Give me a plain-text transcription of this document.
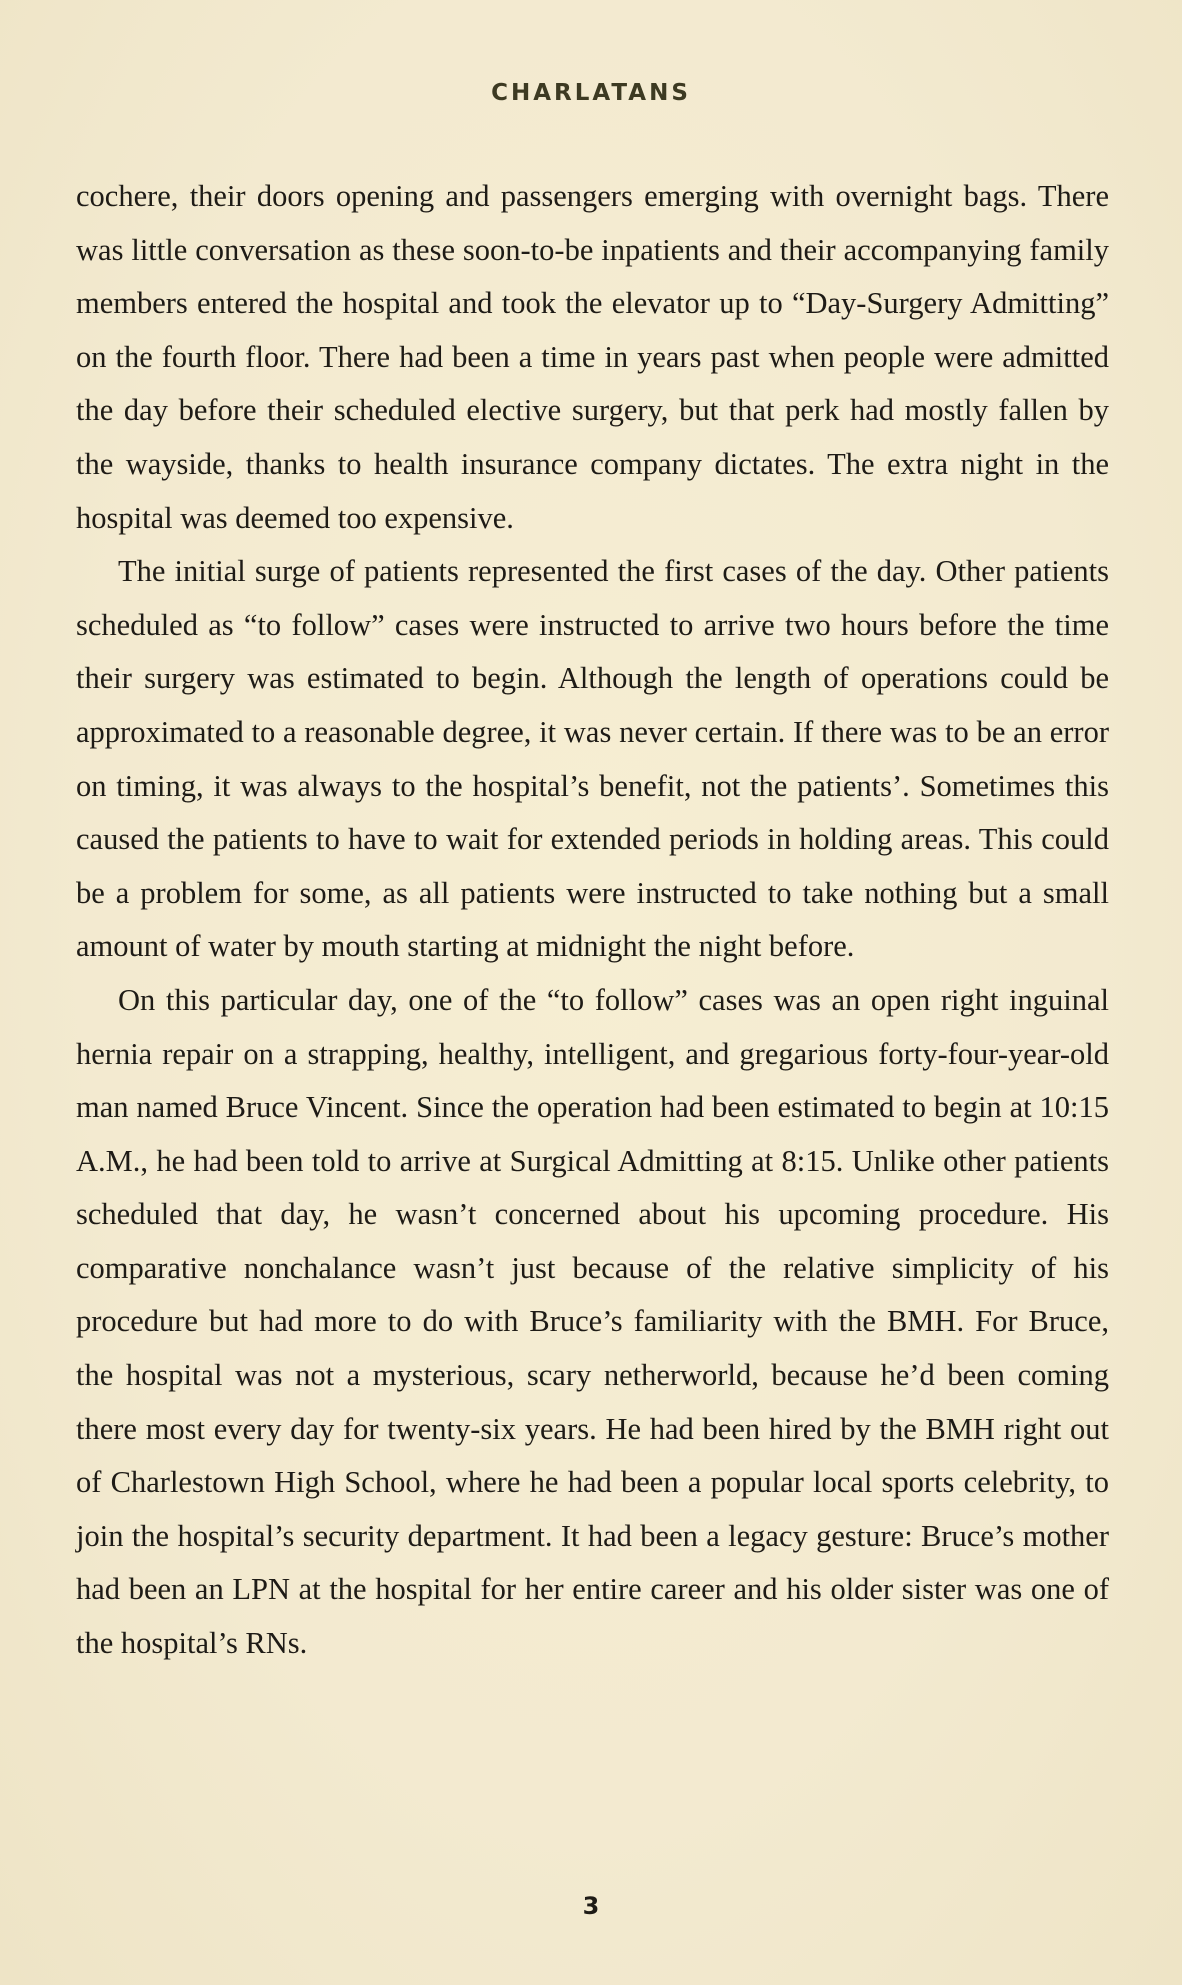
CHARLATANS

cochere, their doors opening and passengers emerging with overnight bags. There was little conversation as these soon-to-be inpatients and their accompanying family members entered the hospital and took the elevator up to “Day-Surgery Admitting” on the fourth floor. There had been a time in years past when people were admitted the day before their scheduled elective surgery, but that perk had mostly fallen by the wayside, thanks to health insurance company dictates. The extra night in the hospital was deemed too expensive.

The initial surge of patients represented the first cases of the day. Other patients scheduled as “to follow” cases were instructed to arrive two hours before the time their surgery was estimated to begin. Although the length of operations could be approximated to a reasonable degree, it was never certain. If there was to be an error on timing, it was always to the hospital’s benefit, not the patients’. Sometimes this caused the patients to have to wait for extended periods in holding areas. This could be a problem for some, as all patients were instructed to take nothing but a small amount of water by mouth starting at midnight the night before.

On this particular day, one of the “to follow” cases was an open right inguinal hernia repair on a strapping, healthy, intelligent, and gregarious forty-four-year-old man named Bruce Vincent. Since the operation had been estimated to begin at 10:15 A.M., he had been told to arrive at Surgical Admitting at 8:15. Unlike other patients scheduled that day, he wasn’t concerned about his upcoming procedure. His comparative nonchalance wasn’t just because of the relative simplicity of his procedure but had more to do with Bruce’s familiarity with the BMH. For Bruce, the hospital was not a mysterious, scary netherworld, because he’d been coming there most every day for twenty-six years. He had been hired by the BMH right out of Charlestown High School, where he had been a popular local sports celebrity, to join the hospital’s security department. It had been a legacy gesture: Bruce’s mother had been an LPN at the hospital for her entire career and his older sister was one of the hospital’s RNs.

3
